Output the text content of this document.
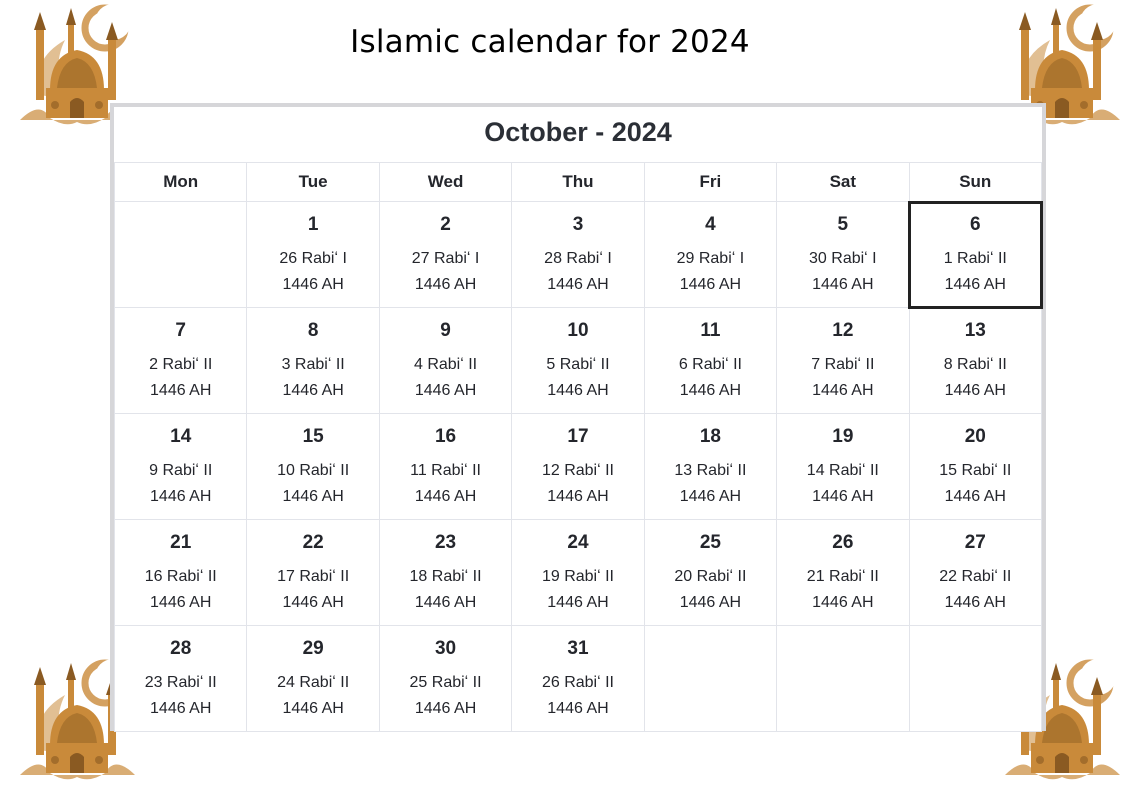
Islamic calendar for 2024
October - 2024
Mon	Tue	Wed	Thu	Fri	Sat	Sun

	1
26 Rabiʻ I
1446 AH	2
27 Rabiʻ I
1446 AH	3
28 Rabiʻ I
1446 AH	4
29 Rabiʻ I
1446 AH	5
30 Rabiʻ I
1446 AH	6
1 Rabiʻ II
1446 AH

7
2 Rabiʻ II
1446 AH	8
3 Rabiʻ II
1446 AH	9
4 Rabiʻ II
1446 AH	10
5 Rabiʻ II
1446 AH	11
6 Rabiʻ II
1446 AH	12
7 Rabiʻ II
1446 AH	13
8 Rabiʻ II
1446 AH

14
9 Rabiʻ II
1446 AH	15
10 Rabiʻ II
1446 AH	16
11 Rabiʻ II
1446 AH	17
12 Rabiʻ II
1446 AH	18
13 Rabiʻ II
1446 AH	19
14 Rabiʻ II
1446 AH	20
15 Rabiʻ II
1446 AH

21
16 Rabiʻ II
1446 AH	22
17 Rabiʻ II
1446 AH	23
18 Rabiʻ II
1446 AH	24
19 Rabiʻ II
1446 AH	25
20 Rabiʻ II
1446 AH	26
21 Rabiʻ II
1446 AH	27
22 Rabiʻ II
1446 AH

28
23 Rabiʻ II
1446 AH	29
24 Rabiʻ II
1446 AH	30
25 Rabiʻ II
1446 AH	31
26 Rabiʻ II
1446 AH			
